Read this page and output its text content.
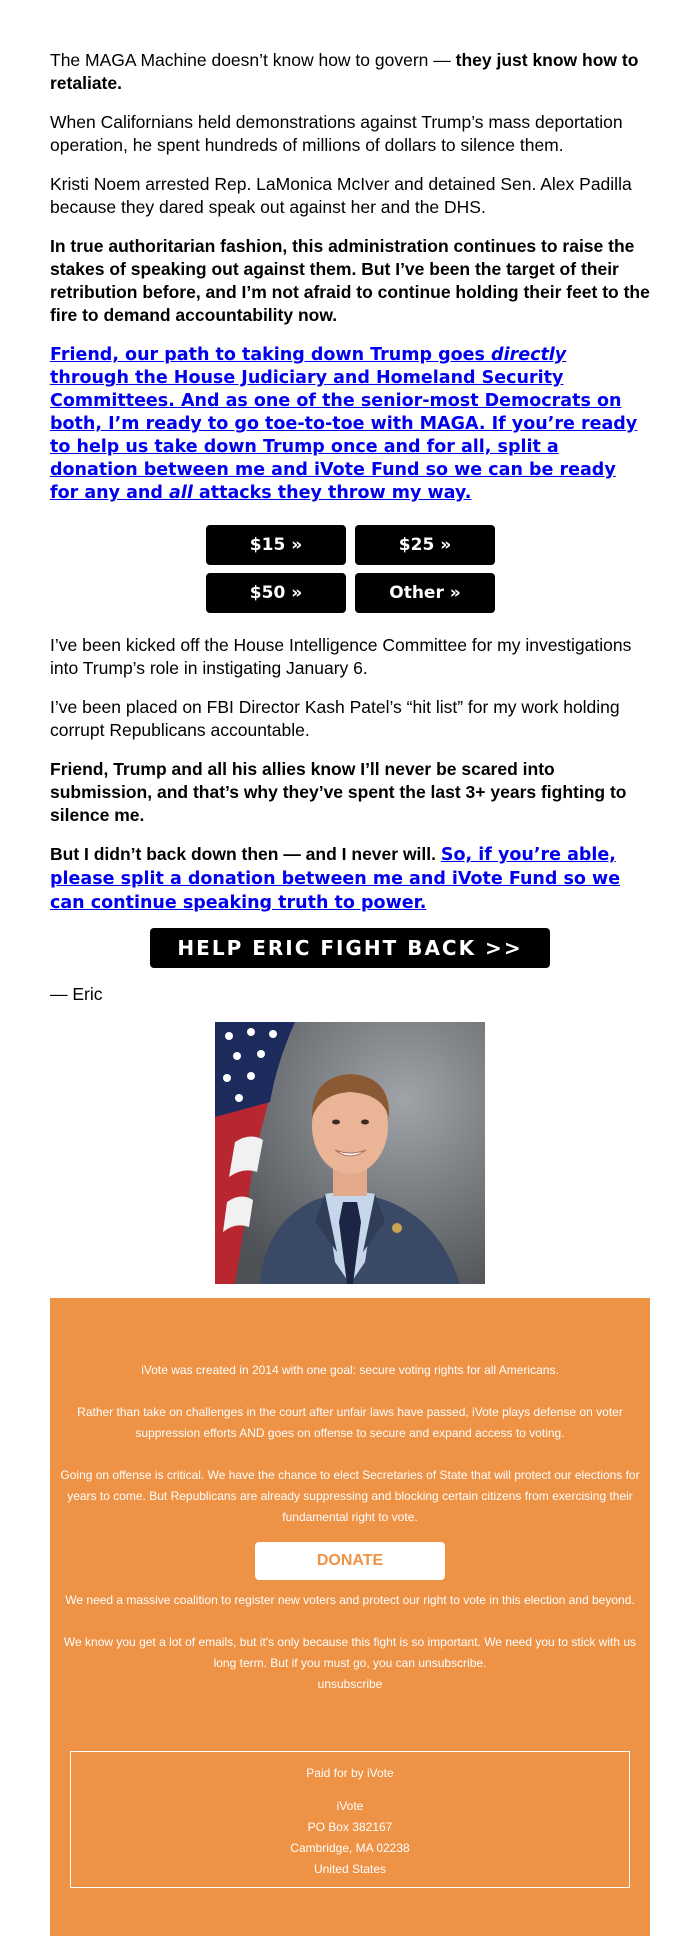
The MAGA Machine doesn’t know how to govern — they just know how to retaliate.

When Californians held demonstrations against Trump’s mass deportation operation, he spent hundreds of millions of dollars to silence them.

Kristi Noem arrested Rep. LaMonica McIver and detained Sen. Alex Padilla because they dared speak out against her and the DHS.

In true authoritarian fashion, this administration continues to raise the stakes of speaking out against them. But I’ve been the target of their retribution before, and I’m not afraid to continue holding their feet to the fire to demand accountability now.

Friend, our path to taking down Trump goes directly through the House Judiciary and Homeland Security Committees. And as one of the senior-most Democrats on both, I’m ready to go toe-to-toe with MAGA. If you’re ready to help us take down Trump once and for all, split a donation between me and iVote Fund so we can be ready for any and all attacks they throw my way.

I’ve been kicked off the House Intelligence Committee for my investigations into Trump’s role in instigating January 6.

I’ve been placed on FBI Director Kash Patel’s “hit list” for my work holding corrupt Republicans accountable.

Friend, Trump and all his allies know I’ll never be scared into submission, and that’s why they’ve spent the last 3+ years fighting to silence me.

But I didn’t back down then — and I never will. So, if you’re able, please split a donation between me and iVote Fund so we can continue speaking truth to power.

— Eric

$15 »	$25 »
$50 »	Other »
HELP ERIC FIGHT BACK >>

iVote was created in 2014 with one goal: secure voting rights for all Americans.

Rather than take on challenges in the court after unfair laws have passed, iVote plays defense on voter suppression efforts AND goes on offense to secure and expand access to voting.

Going on offense is critical. We have the chance to elect Secretaries of State that will protect our elections for years to come. But Republicans are already suppressing and blocking certain citizens from exercising their fundamental right to vote.

DONATE

We need a massive coalition to register new voters and protect our right to vote in this election and beyond.

We know you get a lot of emails, but it's only because this fight is so important. We need you to stick with us long term. But if you must go, you can unsubscribe.

unsubscribe

Paid for by iVote

iVote

PO Box 382167

Cambridge, MA 02238

United States
